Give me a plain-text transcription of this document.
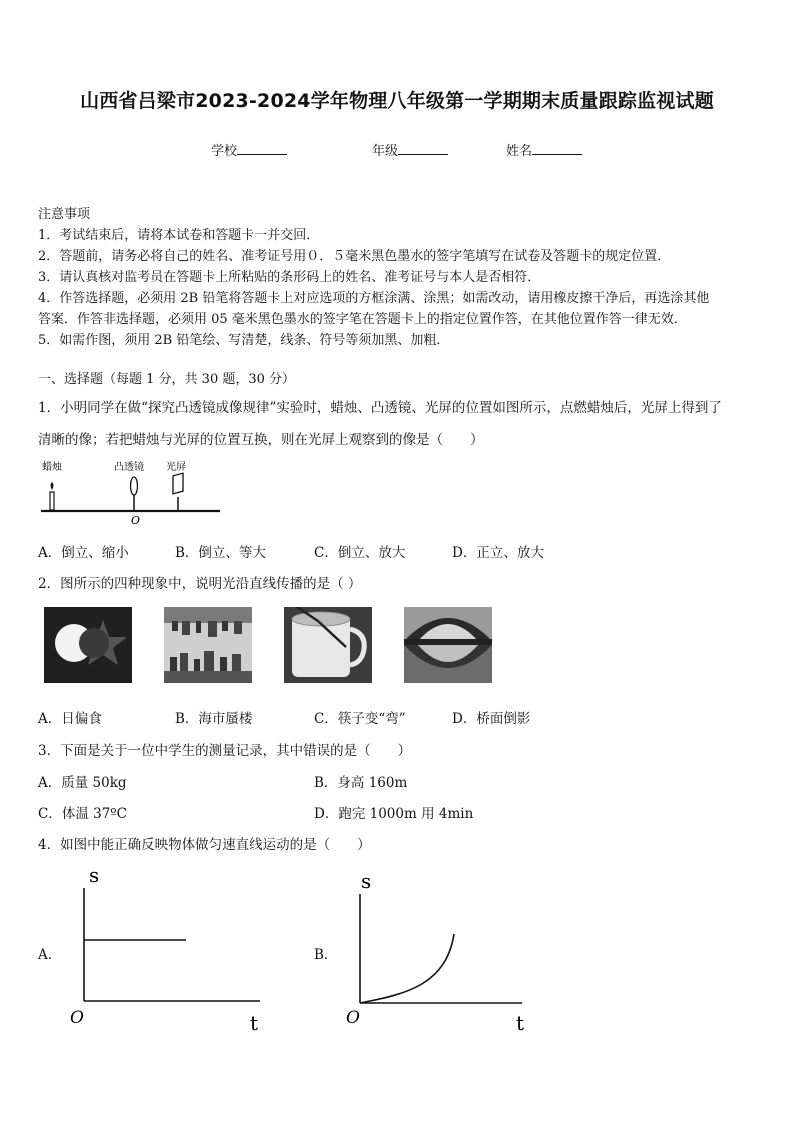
山西省吕梁市2023-2024学年物理八年级第一学期期末质量跟踪监视试题
学校	年级	姓名
注意事项
1．考试结束后，请将本试卷和答题卡一并交回．
2．答题前，请务必将自己的姓名、准考证号用０．５毫米黑色墨水的签字笔填写在试卷及答题卡的规定位置．
3．请认真核对监考员在答题卡上所粘贴的条形码上的姓名、准考证号与本人是否相符．
4．作答选择题，必须用 2B 铅笔将答题卡上对应选项的方框涂满、涂黑；如需改动，请用橡皮擦干净后，再选涂其他
答案．作答非选择题，必须用 05 毫米黑色墨水的签字笔在答题卡上的指定位置作答，在其他位置作答一律无效．
5．如需作图，须用 2B 铅笔绘、写清楚，线条、符号等须加黑、加粗．
一、选择题（每题 1 分，共 30 题，30 分）
1．小明同学在做“探究凸透镜成像规律”实验时，蜡烛、凸透镜、光屏的位置如图所示，点燃蜡烛后，光屏上得到了
清晰的像；若把蜡烛与光屏的位置互换，则在光屏上观察到的像是（　　）
蜡烛	凸透镜 光屏
O
A．倒立、缩小	B．倒立、等大	C．倒立、放大	D．正立、放大
2．图所示的四种现象中，说明光沿直线传播的是（ ）
A．日偏食	B．海市蜃楼	C．筷子变“弯”	D．桥面倒影
3．下面是关于一位中学生的测量记录，其中错误的是（　　）
A．质量 50kg	B．身高 160m
C．体温 37ºC	D．跑完 1000m 用 4min
4．如图中能正确反映物体做匀速直线运动的是（　　）
A．
s
t
O
B．
s
t
O
